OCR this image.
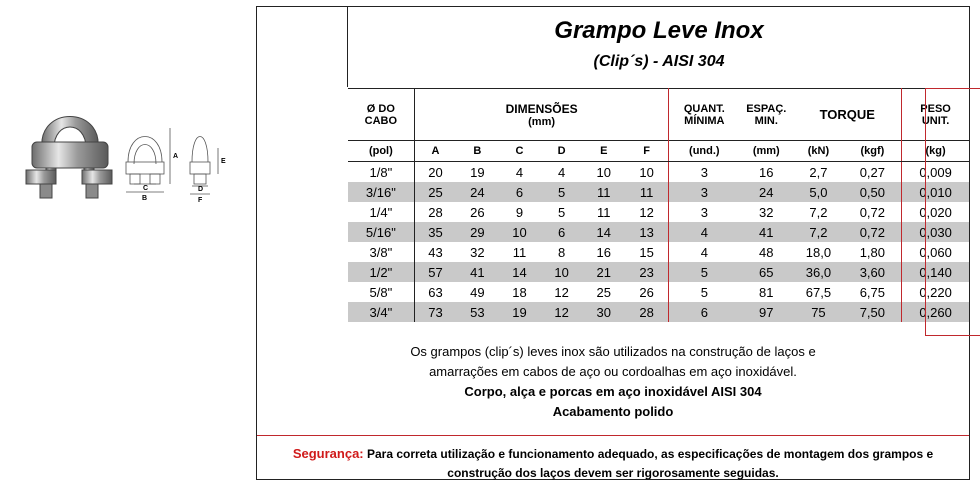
A
B
C	D
E
F
Grampo Leve Inox
(Clip´s) - AISI 304
Ø DO CABO	DIMENSÕES
(mm)						QUANT. MÍNIMA	ESPAÇ. MIN.	TORQUE		PESO UNIT.
(pol)	A	B	C	D	E	F	(und.)	(mm)	(kN)	(kgf)	(kg)
1/8"	20	19	4	4	10	10	3	16	2,7	0,27	0,009
3/16"	25	24	6	5	11	11	3	24	5,0	0,50	0,010
1/4"	28	26	9	5	11	12	3	32	7,2	0,72	0,020
5/16"	35	29	10	6	14	13	4	41	7,2	0,72	0,030
3/8"	43	32	11	8	16	15	4	48	18,0	1,80	0,060
1/2"	57	41	14	10	21	23	5	65	36,0	3,60	0,140
5/8"	63	49	18	12	25	26	5	81	67,5	6,75	0,220
3/4"	73	53	19	12	30	28	6	97	75	7,50	0,260
Os grampos (clip´s) leves inox são utilizados na construção de laços e
amarrações em cabos de aço ou cordoalhas em aço inoxidável.
Corpo, alça e porcas em aço inoxidável AISI 304
Acabamento polido
Segurança: Para correta utilização e funcionamento adequado, as especificações de montagem dos grampos e
construção dos laços devem ser rigorosamente seguidas.
